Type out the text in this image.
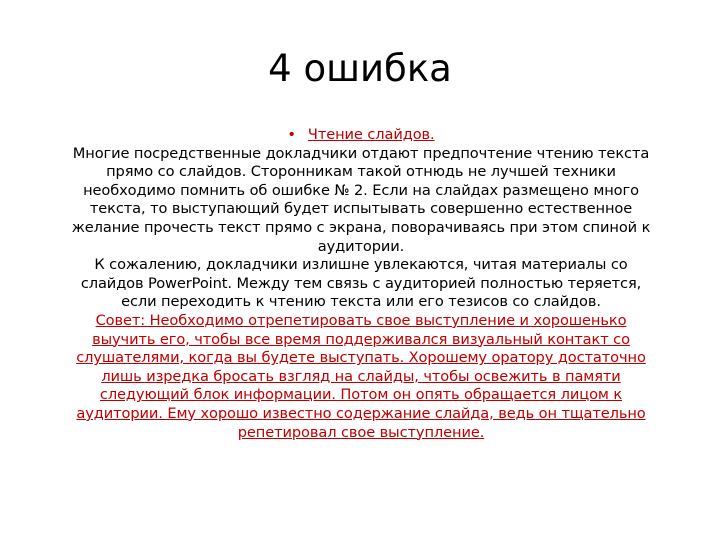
4 ошибка
• Чтение слайдов.
Многие посредственные докладчики отдают предпочтение чтению текста прямо со слайдов. Сторонникам такой отнюдь не лучшей техники необходимо помнить об ошибке № 2. Если на слайдах размещено много текста, то выступающий будет испытывать совершенно естественное желание прочесть текст прямо с экрана, поворачиваясь при этом спиной к аудитории.
К сожалению, докладчики излишне увлекаются, читая материалы со слайдов PowerPoint. Между тем связь с аудиторией полностью теряется, если переходить к чтению текста или его тезисов со слайдов.
Совет: Необходимо отрепетировать свое выступление и хорошенько выучить его, чтобы все время поддерживался визуальный контакт со слушателями, когда вы будете выступать. Хорошему оратору достаточно лишь изредка бросать взгляд на слайды, чтобы освежить в памяти следующий блок информации. Потом он опять обращается лицом к аудитории. Ему хорошо известно содержание слайда, ведь он тщательно репетировал свое выступление.
